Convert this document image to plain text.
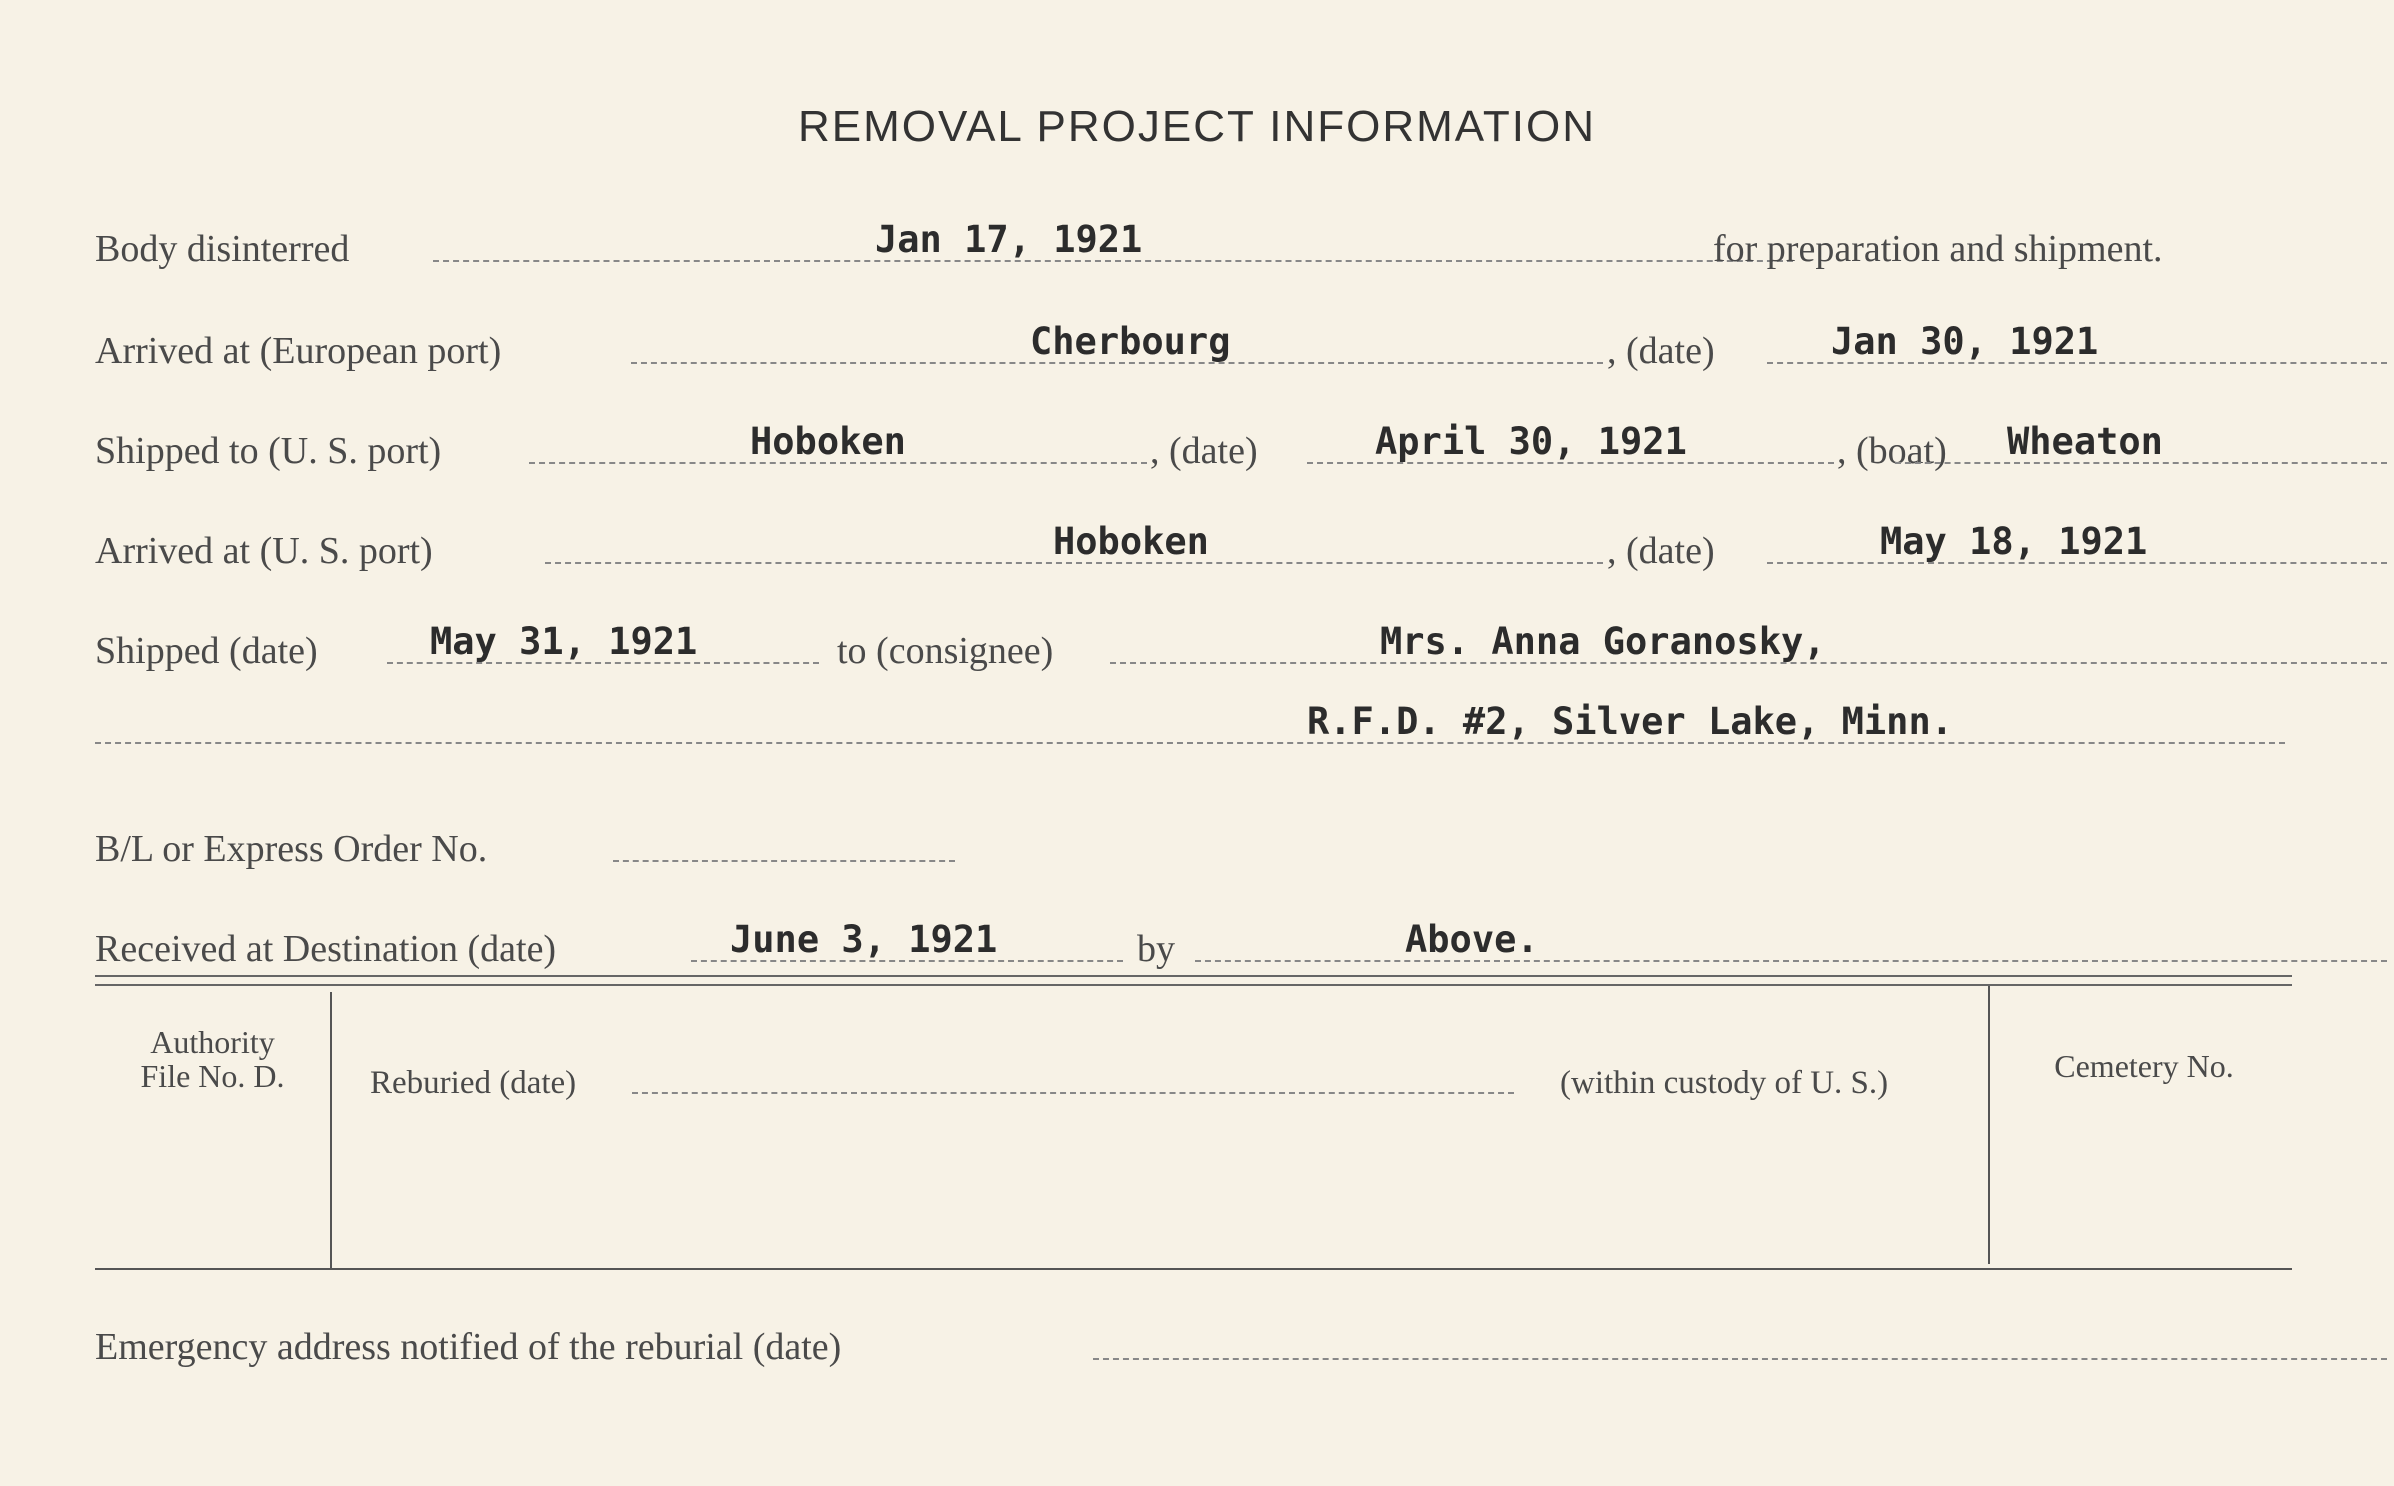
REMOVAL PROJECT INFORMATION
Body disinterred	Jan 17, 1921	for preparation and shipment.
Arrived at (European port)	Cherbourg	, (date)	Jan 30, 1921
Shipped to (U. S. port)	Hoboken	, (date)	April 30, 1921	, (boat) Wheaton
Arrived at (U. S. port)	Hoboken	, (date)	May 18, 1921
Shipped (date)	May 31, 1921	to (consignee)	Mrs. Anna Goranosky,
R.F.D. #2, Silver Lake, Minn.
B/L or Express Order No.
Received at Destination (date)	June 3, 1921	by	Above.
Authority
File No. D.	Reburied (date)	(within custody of U. S.)	Cemetery No.
Emergency address notified of the reburial (date)
